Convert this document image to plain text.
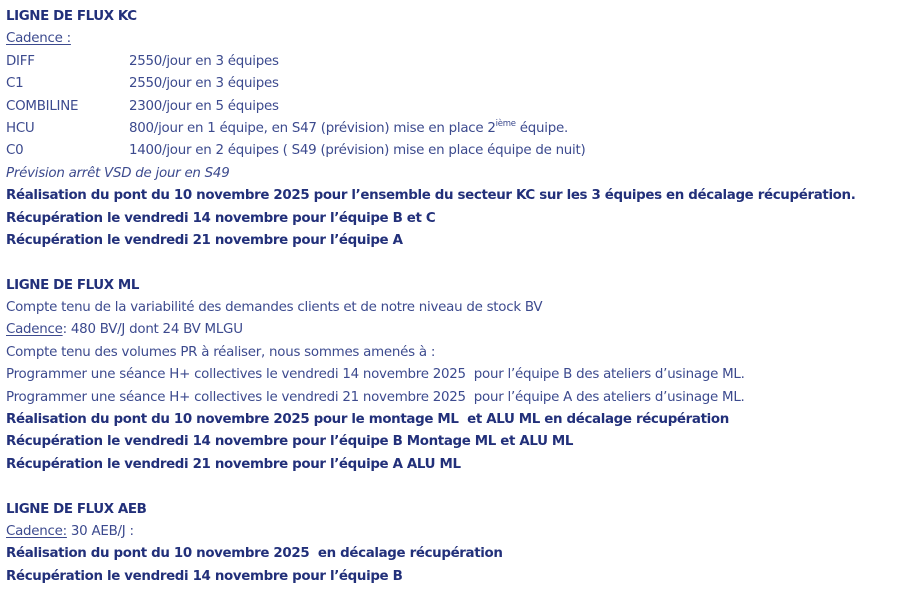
LIGNE DE FLUX KC
Cadence :
DIFF	2550/jour en 3 équipes
C1	2550/jour en 3 équipes
COMBILINE	2300/jour en 5 équipes
HCU	800/jour en 1 équipe, en S47 (prévision) mise en place 2ième équipe.
C0	1400/jour en 2 équipes ( S49 (prévision) mise en place équipe de nuit)
Prévision arrêt VSD de jour en S49
Réalisation du pont du 10 novembre 2025 pour l’ensemble du secteur KC sur les 3 équipes en décalage récupération.
Récupération le vendredi 14 novembre pour l’équipe B et C
Récupération le vendredi 21 novembre pour l’équipe A
LIGNE DE FLUX ML
Compte tenu de la variabilité des demandes clients et de notre niveau de stock BV
Cadence: 480 BV/J dont 24 BV MLGU
Compte tenu des volumes PR à réaliser, nous sommes amenés à :
Programmer une séance H+ collectives le vendredi 14 novembre 2025  pour l’équipe B des ateliers d’usinage ML.
Programmer une séance H+ collectives le vendredi 21 novembre 2025  pour l’équipe A des ateliers d’usinage ML.
Réalisation du pont du 10 novembre 2025 pour le montage ML  et ALU ML en décalage récupération
Récupération le vendredi 14 novembre pour l’équipe B Montage ML et ALU ML
Récupération le vendredi 21 novembre pour l’équipe A ALU ML
LIGNE DE FLUX AEB
Cadence: 30 AEB/J :
Réalisation du pont du 10 novembre 2025  en décalage récupération
Récupération le vendredi 14 novembre pour l’équipe B
